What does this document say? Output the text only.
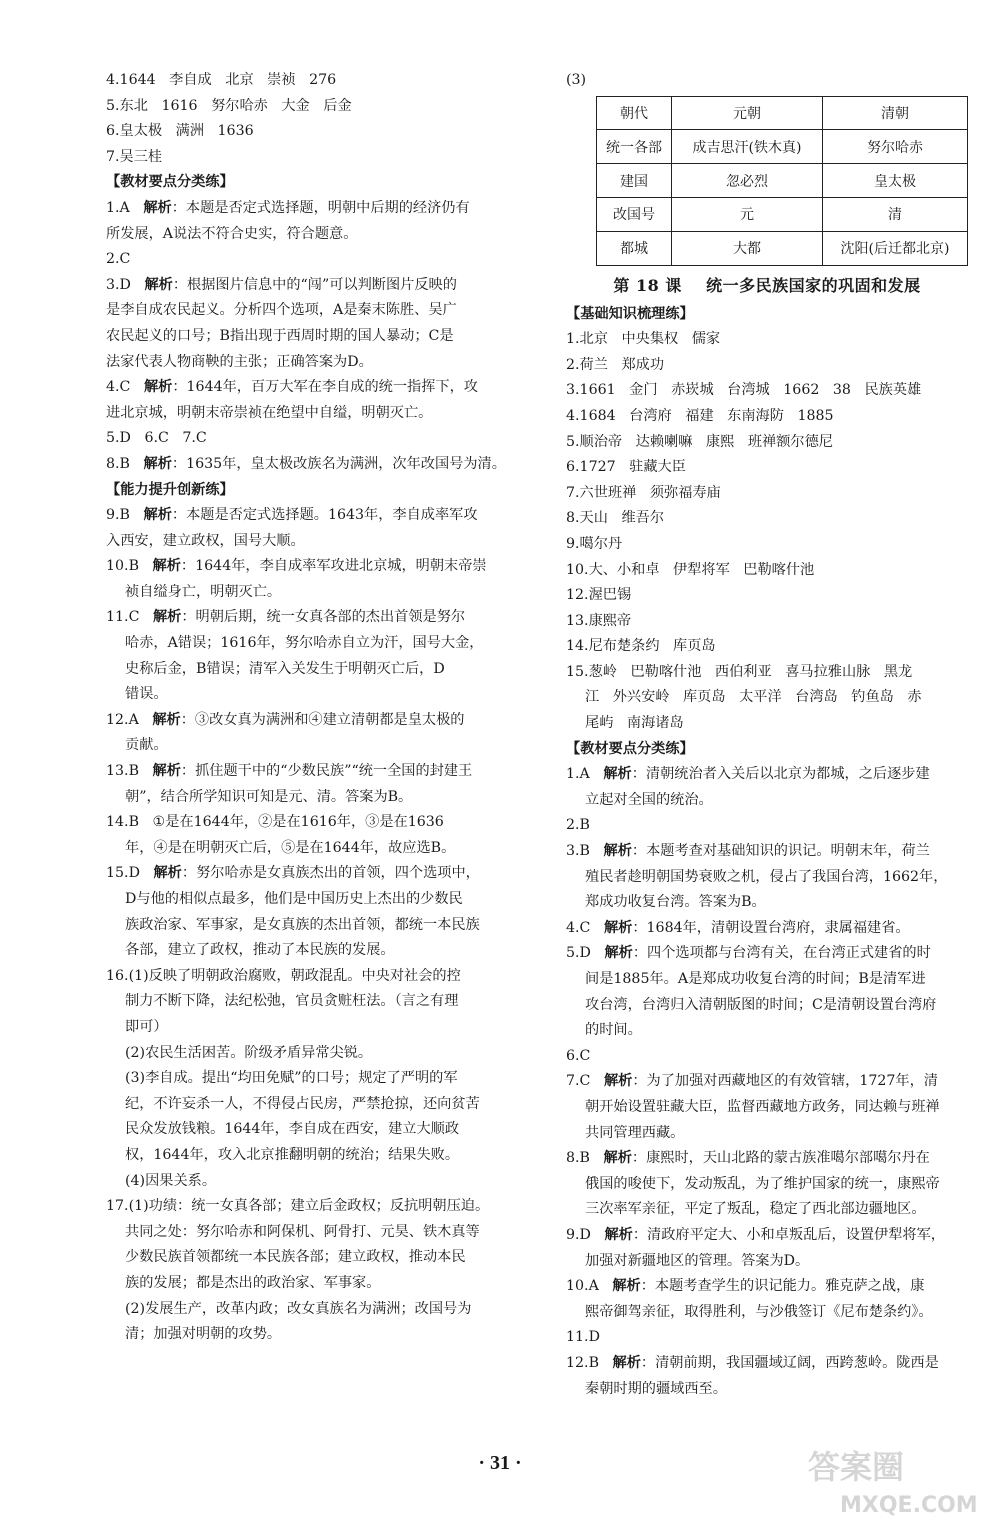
4.1644   李自成   北京   崇祯   276
5.东北   1616   努尔哈赤   大金   后金
6.皇太极   满洲   1636
7.吴三桂
【教材要点分类练】
1.A 解析：本题是否定式选择题，明朝中后期的经济仍有
所发展，A说法不符合史实，符合题意。
2.C
3.D 解析：根据图片信息中的“闯”可以判断图片反映的
是李自成农民起义。分析四个选项，A是秦末陈胜、吴广
农民起义的口号；B指出现于西周时期的国人暴动；C是
法家代表人物商鞅的主张；正确答案为D。
4.C 解析：1644年，百万大军在李自成的统一指挥下，攻
进北京城，明朝末帝崇祯在绝望中自缢，明朝灭亡。
5.D   6.C   7.C
8.B 解析：1635年，皇太极改族名为满洲，次年改国号为清。
【能力提升创新练】
9.B 解析：本题是否定式选择题。1643年，李自成率军攻
入西安，建立政权，国号大顺。
10.B 解析：1644年，李自成率军攻进北京城，明朝末帝崇
祯自缢身亡，明朝灭亡。
11.C 解析：明朝后期，统一女真各部的杰出首领是努尔
哈赤，A错误；1616年，努尔哈赤自立为汗，国号大金，
史称后金，B错误；清军入关发生于明朝灭亡后，D
错误。
12.A 解析：③改女真为满洲和④建立清朝都是皇太极的
贡献。
13.B 解析：抓住题干中的“少数民族”“统一全国的封建王
朝”，结合所学知识可知是元、清。答案为B。
14.B ①是在1644年，②是在1616年，③是在1636
年，④是在明朝灭亡后，⑤是在1644年，故应选B。
15.D 解析：努尔哈赤是女真族杰出的首领，四个选项中，
D与他的相似点最多，他们是中国历史上杰出的少数民
族政治家、军事家，是女真族的杰出首领，都统一本民族
各部，建立了政权，推动了本民族的发展。
16.(1)反映了明朝政治腐败，朝政混乱。中央对社会的控
制力不断下降，法纪松弛，官员贪赃枉法。（言之有理
即可）
(2)农民生活困苦。阶级矛盾异常尖锐。
(3)李自成。提出“均田免赋”的口号；规定了严明的军
纪，不许妄杀一人，不得侵占民房，严禁抢掠，还向贫苦
民众发放钱粮。1644年，李自成在西安，建立大顺政
权，1644年，攻入北京推翻明朝的统治；结果失败。
(4)因果关系。
17.(1)功绩：统一女真各部；建立后金政权；反抗明朝压迫。
共同之处：努尔哈赤和阿保机、阿骨打、元昊、铁木真等
少数民族首领都统一本民族各部；建立政权，推动本民
族的发展；都是杰出的政治家、军事家。
(2)发展生产，改革内政；改女真族名为满洲；改国号为
清；加强对明朝的攻势。
(3)
朝代	元朝	清朝
统一各部	成吉思汗(铁木真)	努尔哈赤
建国	忽必烈	皇太极
改国号	元	清
都城	大都	沈阳(后迁都北京)
第 18 课    统一多民族国家的巩固和发展
【基础知识梳理练】
1.北京   中央集权   儒家
2.荷兰   郑成功
3.1661   金门   赤崁城   台湾城   1662   38   民族英雄
4.1684   台湾府   福建   东南海防   1885
5.顺治帝   达赖喇嘛   康熙   班禅额尔德尼
6.1727   驻藏大臣
7.六世班禅   须弥福寿庙
8.天山   维吾尔
9.噶尔丹
10.大、小和卓   伊犁将军   巴勒喀什池
12.渥巴锡
13.康熙帝
14.尼布楚条约   库页岛
15.葱岭   巴勒喀什池   西伯利亚   喜马拉雅山脉   黑龙
江   外兴安岭   库页岛   太平洋   台湾岛   钓鱼岛   赤
尾屿   南海诸岛
【教材要点分类练】
1.A 解析：清朝统治者入关后以北京为都城，之后逐步建
立起对全国的统治。
2.B
3.B 解析：本题考查对基础知识的识记。明朝末年，荷兰
殖民者趁明朝国势衰败之机，侵占了我国台湾，1662年，
郑成功收复台湾。答案为B。
4.C 解析：1684年，清朝设置台湾府，隶属福建省。
5.D 解析：四个选项都与台湾有关，在台湾正式建省的时
间是1885年。A是郑成功收复台湾的时间；B是清军进
攻台湾，台湾归入清朝版图的时间；C是清朝设置台湾府
的时间。
6.C
7.C 解析：为了加强对西藏地区的有效管辖，1727年，清
朝开始设置驻藏大臣，监督西藏地方政务，同达赖与班禅
共同管理西藏。
8.B 解析：康熙时，天山北路的蒙古族准噶尔部噶尔丹在
俄国的唆使下，发动叛乱，为了维护国家的统一，康熙帝
三次率军亲征，平定了叛乱，稳定了西北部边疆地区。
9.D 解析：清政府平定大、小和卓叛乱后，设置伊犁将军，
加强对新疆地区的管理。答案为D。
10.A 解析：本题考查学生的识记能力。雅克萨之战，康
熙帝御驾亲征，取得胜利，与沙俄签订《尼布楚条约》。
11.D
12.B 解析：清朝前期，我国疆域辽阔，西跨葱岭。陇西是
秦朝时期的疆域西至。
· 31 ·	答案圈
MXQE.COM
